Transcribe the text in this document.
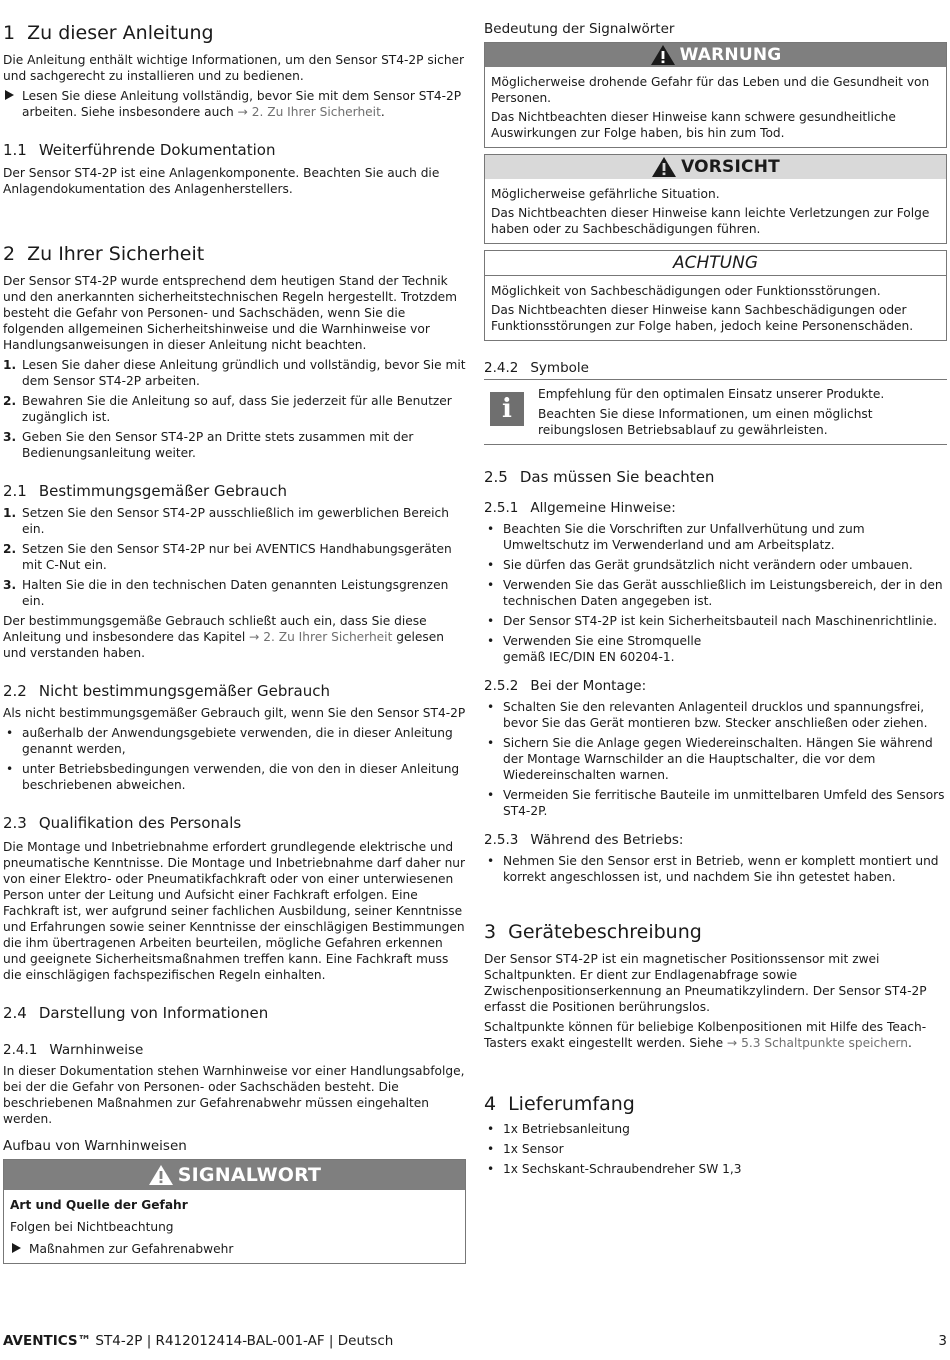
1 Zu dieser Anleitung

Die Anleitung enthält wichtige Informationen, um den Sensor ST4-2P sicher und sachgerecht zu installieren und zu bedienen.

Lesen Sie diese Anleitung vollständig, bevor Sie mit dem Sensor ST4-2P arbeiten. Siehe insbesondere auch → 2. Zu Ihrer Sicherheit.

1.1 Weiterführende Dokumentation

Der Sensor ST4-2P ist eine Anlagenkomponente. Beachten Sie auch die Anlagendokumentation des Anlagenherstellers.

2 Zu Ihrer Sicherheit

Der Sensor ST4-2P wurde entsprechend dem heutigen Stand der Technik und den anerkannten sicherheitstechnischen Regeln hergestellt. Trotzdem besteht die Gefahr von Personen- und Sachschäden, wenn Sie die folgenden allgemeinen Sicherheitshinweise und die Warnhinweise vor Handlungsanweisungen in dieser Anleitung nicht beachten.

1. Lesen Sie daher diese Anleitung gründlich und vollständig, bevor Sie mit dem Sensor ST4-2P arbeiten.
2. Bewahren Sie die Anleitung so auf, dass Sie jederzeit für alle Benutzer zugänglich ist.
3. Geben Sie den Sensor ST4-2P an Dritte stets zusammen mit der Bedienungsanleitung weiter.
2.1 Bestimmungsgemäßer Gebrauch
1. Setzen Sie den Sensor ST4-2P ausschließlich im gewerblichen Bereich ein.
2. Setzen Sie den Sensor ST4-2P nur bei AVENTICS Handhabungsgeräten mit C-Nut ein.
3. Halten Sie die in den technischen Daten genannten Leistungsgrenzen ein.

Der bestimmungsgemäße Gebrauch schließt auch ein, dass Sie diese Anleitung und insbesondere das Kapitel → 2. Zu Ihrer Sicherheit gelesen und verstanden haben.

2.2 Nicht bestimmungsgemäßer Gebrauch

Als nicht bestimmungsgemäßer Gebrauch gilt, wenn Sie den Sensor ST4-2P

• außerhalb der Anwendungsgebiete verwenden, die in dieser Anleitung genannt werden,
• unter Betriebsbedingungen verwenden, die von den in dieser Anleitung beschriebenen abweichen.
2.3 Qualifikation des Personals

Die Montage und Inbetriebnahme erfordert grundlegende elektrische und pneumatische Kenntnisse. Die Montage und Inbetriebnahme darf daher nur von einer Elektro- oder Pneumatikfachkraft oder von einer unterwiesenen Person unter der Leitung und Aufsicht einer Fachkraft erfolgen. Eine Fachkraft ist, wer aufgrund seiner fachlichen Ausbildung, seiner Kenntnisse und Erfahrungen sowie seiner Kenntnisse der einschlägigen Bestimmungen die ihm übertragenen Arbeiten beurteilen, mögliche Gefahren erkennen und geeignete Sicherheitsmaßnahmen treffen kann. Eine Fachkraft muss die einschlägigen fachspezifischen Regeln einhalten.

2.4 Darstellung von Informationen
2.4.1 Warnhinweise

In dieser Dokumentation stehen Warnhinweise vor einer Handlungsabfolge, bei der die Gefahr von Personen- oder Sachschäden besteht. Die beschriebenen Maßnahmen zur Gefahrenabwehr müssen eingehalten werden.

Aufbau von Warnhinweisen
SIGNALWORT

Art und Quelle der Gefahr

Folgen bei Nichtbeachtung

Maßnahmen zur Gefahrenabwehr

Bedeutung der Signalwörter
WARNUNG

Möglicherweise drohende Gefahr für das Leben und die Gesundheit von Personen.

Das Nichtbeachten dieser Hinweise kann schwere gesundheitliche Auswirkungen zur Folge haben, bis hin zum Tod.

VORSICHT

Möglicherweise gefährliche Situation.

Das Nichtbeachten dieser Hinweise kann leichte Verletzungen zur Folge haben oder zu Sachbeschädigungen führen.

ACHTUNG

Möglichkeit von Sachbeschädigungen oder Funktionsstörungen.

Das Nichtbeachten dieser Hinweise kann Sachbeschädigungen oder Funktionsstörungen zur Folge haben, jedoch keine Personenschäden.

2.4.2 Symbole
i	Empfehlung für den optimalen Einsatz unserer Produkte.

Beachten Sie diese Informationen, um einen möglichst reibungslosen Betriebsablauf zu gewährleisten.

2.5 Das müssen Sie beachten
2.5.1 Allgemeine Hinweise:
• Beachten Sie die Vorschriften zur Unfallverhütung und zum Umweltschutz im Verwenderland und am Arbeitsplatz.
• Sie dürfen das Gerät grundsätzlich nicht verändern oder umbauen.
• Verwenden Sie das Gerät ausschließlich im Leistungsbereich, der in den technischen Daten angegeben ist.
• Der Sensor ST4-2P ist kein Sicherheitsbauteil nach Maschinenrichtlinie.
• Verwenden Sie eine Stromquelle gemäß IEC/DIN EN 60204-1.
2.5.2 Bei der Montage:
• Schalten Sie den relevanten Anlagenteil drucklos und spannungsfrei, bevor Sie das Gerät montieren bzw. Stecker anschließen oder ziehen.
• Sichern Sie die Anlage gegen Wiedereinschalten. Hängen Sie während der Montage Warnschilder an die Hauptschalter, die vor dem Wiedereinschalten warnen.
• Vermeiden Sie ferritische Bauteile im unmittelbaren Umfeld des Sensors ST4-2P.
2.5.3 Während des Betriebs:
• Nehmen Sie den Sensor erst in Betrieb, wenn er komplett montiert und korrekt angeschlossen ist, und nachdem Sie ihn getestet haben.
3 Gerätebeschreibung

Der Sensor ST4-2P ist ein magnetischer Positionssensor mit zwei Schaltpunkten. Er dient zur Endlagenabfrage sowie Zwischenpositionserkennung an Pneumatikzylindern. Der Sensor ST4-2P erfasst die Positionen berührungslos.

Schaltpunkte können für beliebige Kolbenpositionen mit Hilfe des Teach-Tasters exakt eingestellt werden. Siehe → 5.3 Schaltpunkte speichern.

4 Lieferumfang
• 1x Betriebsanleitung
• 1x Sensor
• 1x Sechskant-Schraubendreher SW 1,3
AVENTICS™ ST4-2P | R412012414-BAL-001-AF | Deutsch	3
